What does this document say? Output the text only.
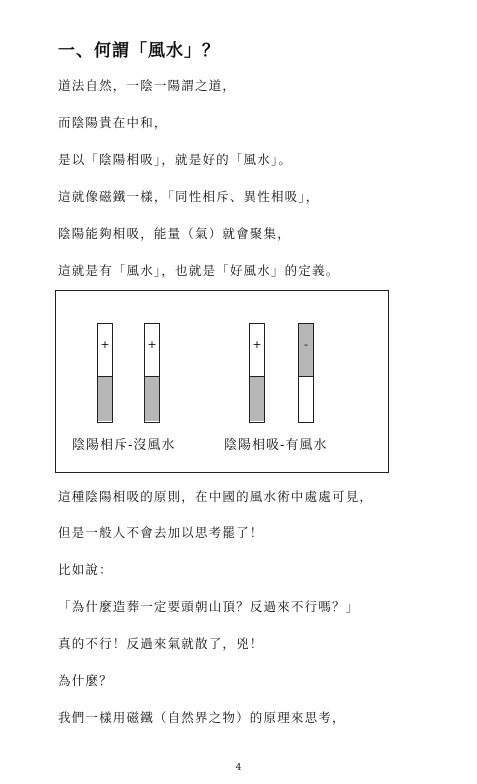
一、何謂「風水」？
道法自然，一陰一陽謂之道，
而陰陽貴在中和，
是以「陰陽相吸」，就是好的「風水」。
這就像磁鐵一樣，「同性相斥、異性相吸」，
陰陽能夠相吸，能量（氣）就會聚集，
這就是有「風水」，也就是「好風水」的定義。
+	+	+	-
陰陽相斥-沒風水	陰陽相吸-有風水
這種陰陽相吸的原則，在中國的風水術中處處可見，
但是一般人不會去加以思考罷了！
比如說：
「為什麼造葬一定要頭朝山頂？反過來不行嗎？」
真的不行！反過來氣就散了，兇！
為什麼？
我們一樣用磁鐵（自然界之物）的原理來思考，
4
